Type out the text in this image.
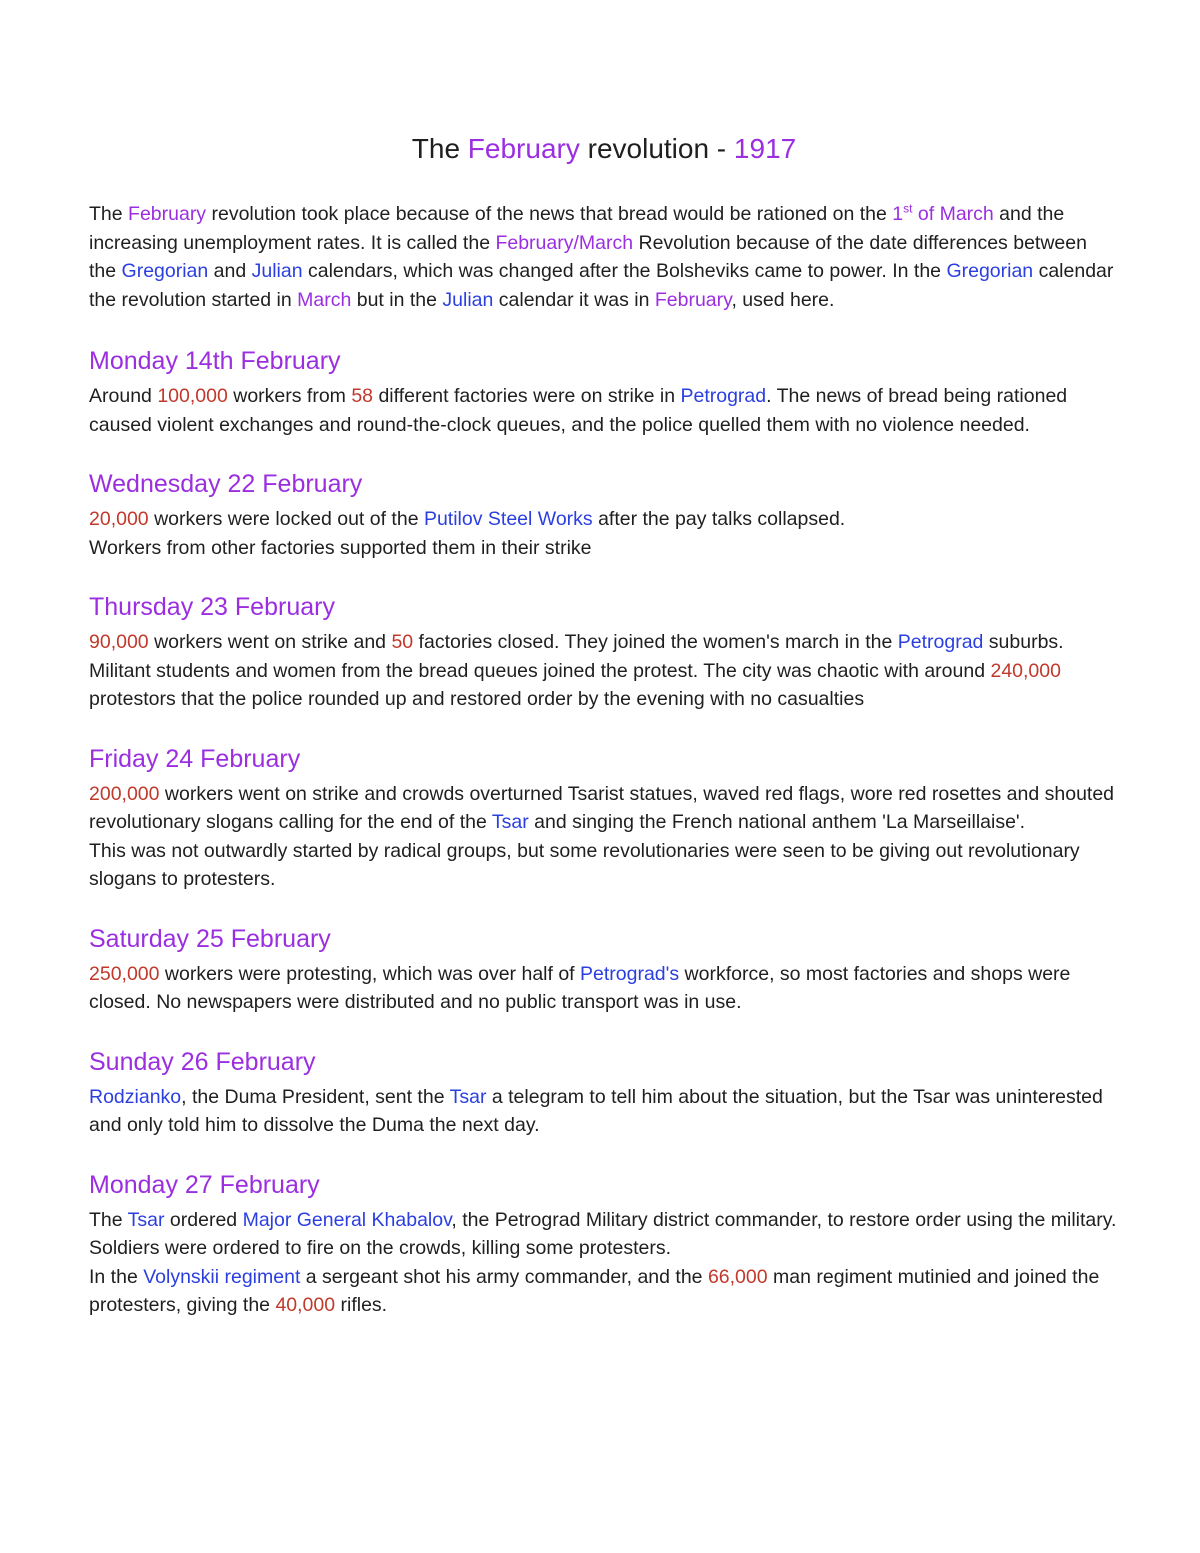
The February revolution - 1917

The February revolution took place because of the news that bread would be rationed on the 1st of March and the increasing unemployment rates. It is called the February/March Revolution because of the date differences between the Gregorian and Julian calendars, which was changed after the Bolsheviks came to power. In the Gregorian calendar the revolution started in March but in the Julian calendar it was in February, used here.

Monday 14th February

Around 100,000 workers from 58 different factories were on strike in Petrograd. The news of bread being rationed caused violent exchanges and round-the-clock queues, and the police quelled them with no violence needed.

Wednesday 22 February

20,000 workers were locked out of the Putilov Steel Works after the pay talks collapsed.

Workers from other factories supported them in their strike

Thursday 23 February

90,000 workers went on strike and 50 factories closed. They joined the women's march in the Petrograd suburbs. Militant students and women from the bread queues joined the protest. The city was chaotic with around 240,000 protestors that the police rounded up and restored order by the evening with no casualties

Friday 24 February

200,000 workers went on strike and crowds overturned Tsarist statues, waved red flags, wore red rosettes and shouted revolutionary slogans calling for the end of the Tsar and singing the French national anthem 'La Marseillaise'.

This was not outwardly started by radical groups, but some revolutionaries were seen to be giving out revolutionary slogans to protesters.

Saturday 25 February

250,000 workers were protesting, which was over half of Petrograd's workforce, so most factories and shops were closed. No newspapers were distributed and no public transport was in use.

Sunday 26 February

Rodzianko, the Duma President, sent the Tsar a telegram to tell him about the situation, but the Tsar was uninterested and only told him to dissolve the Duma the next day.

Monday 27 February

The Tsar ordered Major General Khabalov, the Petrograd Military district commander, to restore order using the military. Soldiers were ordered to fire on the crowds, killing some protesters.

In the Volynskii regiment a sergeant shot his army commander, and the 66,000 man regiment mutinied and joined the protesters, giving the 40,000 rifles.
